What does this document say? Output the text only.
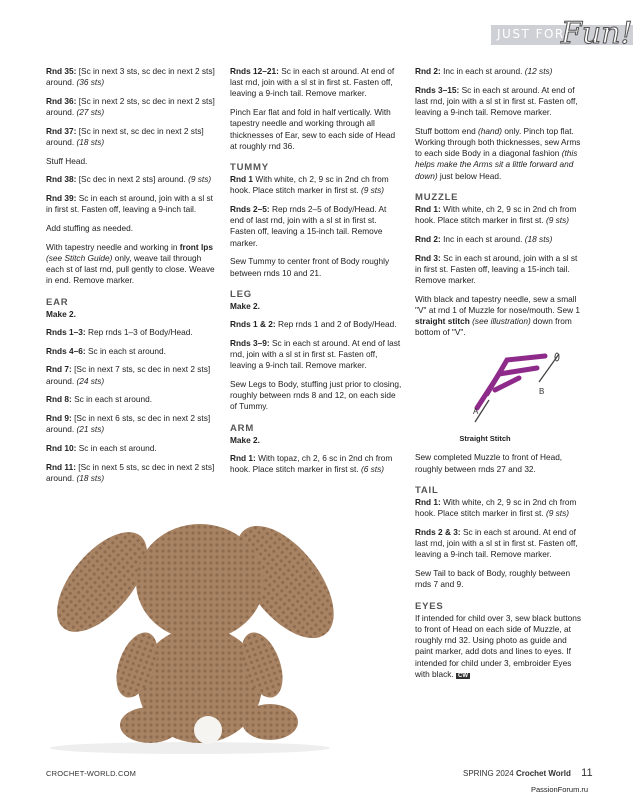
JUST FOR
Fun!

Rnd 35: [Sc in next 3 sts, sc dec in next 2 sts] around. (36 sts)

Rnd 36: [Sc in next 2 sts, sc dec in next 2 sts] around. (27 sts)

Rnd 37: [Sc in next st, sc dec in next 2 sts] around. (18 sts)

Stuff Head.

Rnd 38: [Sc dec in next 2 sts] around. (9 sts)

Rnd 39: Sc in each st around, join with a sl st in first st. Fasten off, leaving a 9-inch tail.

Add stuffing as needed.

With tapestry needle and working in front lps (see Stitch Guide) only, weave tail through each st of last rnd, pull gently to close. Weave in end. Remove marker.

EAR
Make 2.

Rnds 1–3: Rep rnds 1–3 of Body/Head.

Rnds 4–6: Sc in each st around.

Rnd 7: [Sc in next 7 sts, sc dec in next 2 sts] around. (24 sts)

Rnd 8: Sc in each st around.

Rnd 9: [Sc in next 6 sts, sc dec in next 2 sts] around. (21 sts)

Rnd 10: Sc in each st around.

Rnd 11: [Sc in next 5 sts, sc dec in next 2 sts] around. (18 sts)

Rnds 12–21: Sc in each st around. At end of last rnd, join with a sl st in first st. Fasten off, leaving a 9-inch tail. Remove marker.

Pinch Ear flat and fold in half vertically. With tapestry needle and working through all thicknesses of Ear, sew to each side of Head at roughly rnd 36.

TUMMY

Rnd 1 With white, ch 2, 9 sc in 2nd ch from hook. Place stitch marker in first st. (9 sts)

Rnds 2–5: Rep rnds 2–5 of Body/Head. At end of last rnd, join with a sl st in first st. Fasten off, leaving a 15-inch tail. Remove marker.

Sew Tummy to center front of Body roughly between rnds 10 and 21.

LEG
Make 2.

Rnds 1 & 2: Rep rnds 1 and 2 of Body/Head.

Rnds 3–9: Sc in each st around. At end of last rnd, join with a sl st in first st. Fasten off, leaving a 9-inch tail. Remove marker.

Sew Legs to Body, stuffing just prior to closing, roughly between rnds 8 and 12, on each side of Tummy.

ARM
Make 2.

Rnd 1: With topaz, ch 2, 6 sc in 2nd ch from hook. Place stitch marker in first st. (6 sts)

Rnd 2: Inc in each st around. (12 sts)

Rnds 3–15: Sc in each st around. At end of last rnd, join with a sl st in first st. Fasten off, leaving a 9-inch tail. Remove marker.

Stuff bottom end (hand) only. Pinch top flat. Working through both thicknesses, sew Arms to each side Body in a diagonal fashion (this helps make the Arms sit a little forward and down) just below Head.

MUZZLE

Rnd 1: With white, ch 2, 9 sc in 2nd ch from hook. Place stitch marker in first st. (9 sts)

Rnd 2: Inc in each st around. (18 sts)

Rnd 3: Sc in each st around, join with a sl st in first st. Fasten off, leaving a 15-inch tail. Remove marker.

With black and tapestry needle, sew a small "V" at rnd 1 of Muzzle for nose/mouth. Sew 1 straight stitch (see illustration) down from bottom of "V".

A
B
Straight Stitch

Sew completed Muzzle to front of Head, roughly between rnds 27 and 32.

TAIL

Rnd 1: With white, ch 2, 9 sc in 2nd ch from hook. Place stitch marker in first st. (9 sts)

Rnds 2 & 3: Sc in each st around. At end of last rnd, join with a sl st in first st. Fasten off, leaving a 9-inch tail. Remove marker.

Sew Tail to back of Body, roughly between rnds 7 and 9.

EYES

If intended for child over 3, sew black buttons to front of Head on each side of Muzzle, at roughly rnd 32. Using photo as guide and paint marker, add dots and lines to eyes. If intended for child under 3, embroider Eyes with black. CW

CROCHET-WORLD.COM	SPRING 2024 Crochet World 11
PassionForum.ru
